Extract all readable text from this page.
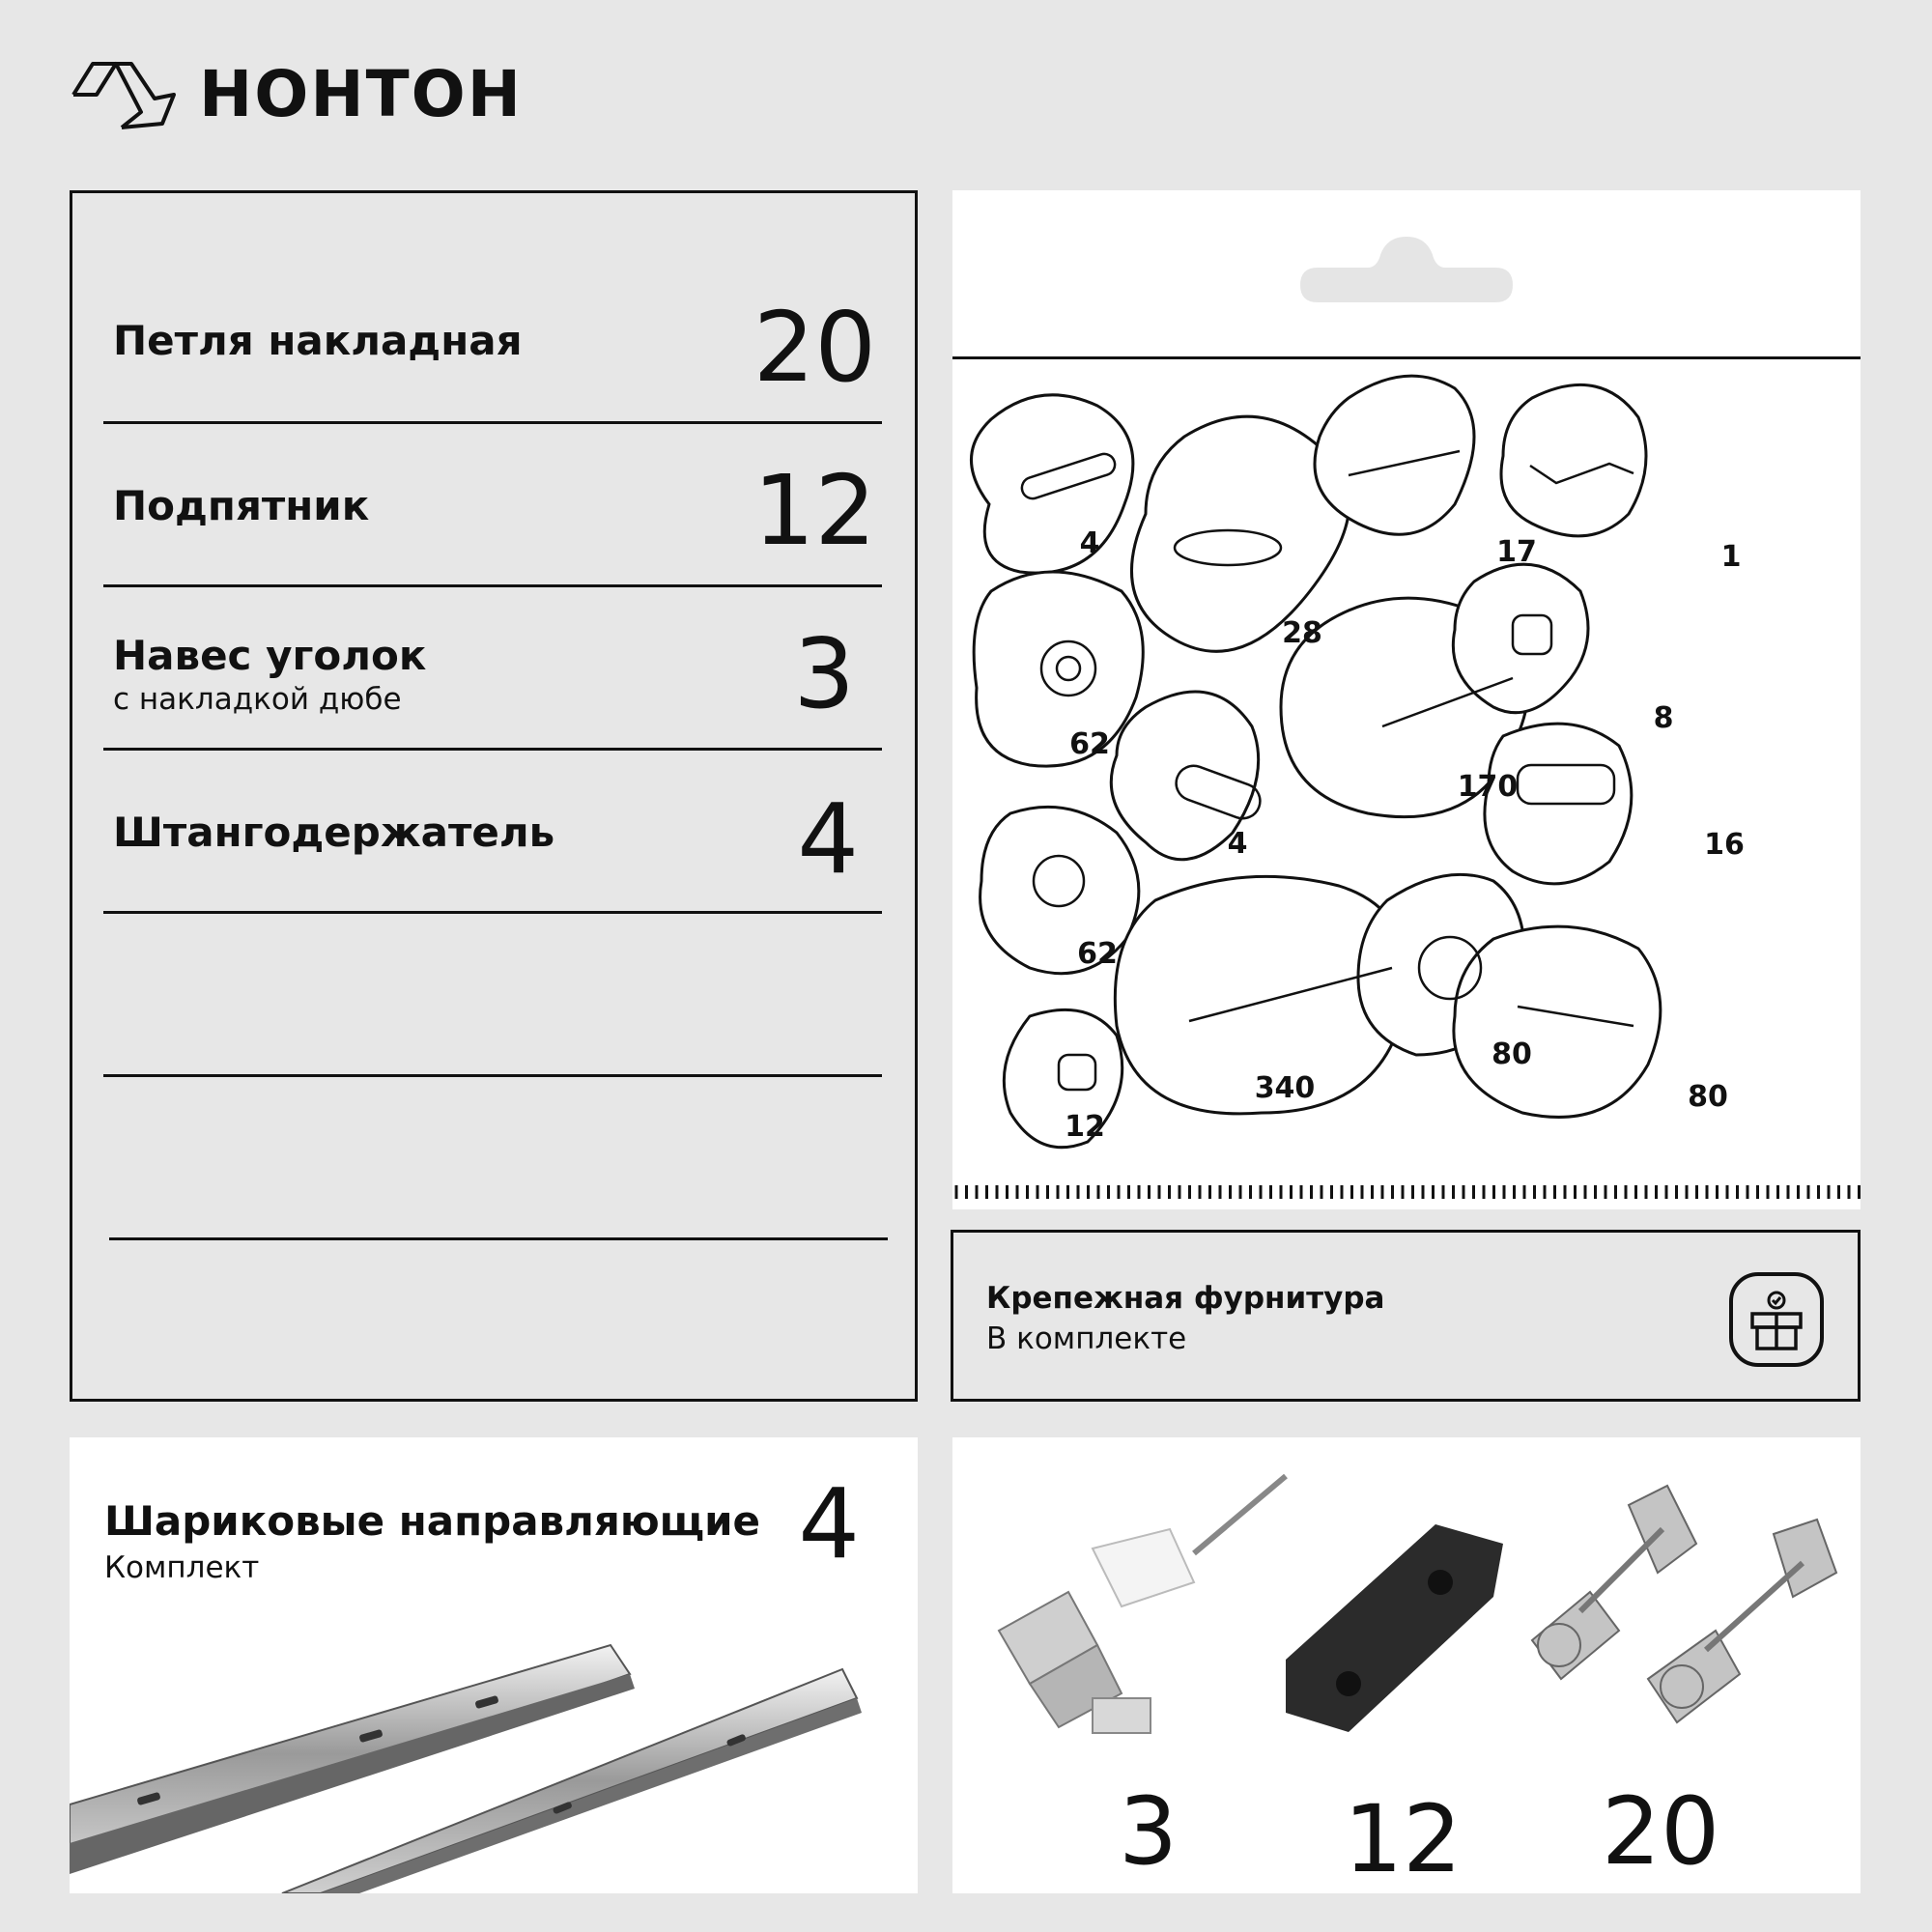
НОНТОН
Петля накладная 20
Подпятник	12
Навес уголок
с накладкой дюбе	3
Штангодержатель	4
4
28
17	1
62
170
8
4	16
62
340
80
80
12
Крепежная фурнитура
В комплекте
Шариковые направляющие
Комплект	4
3 12 20
